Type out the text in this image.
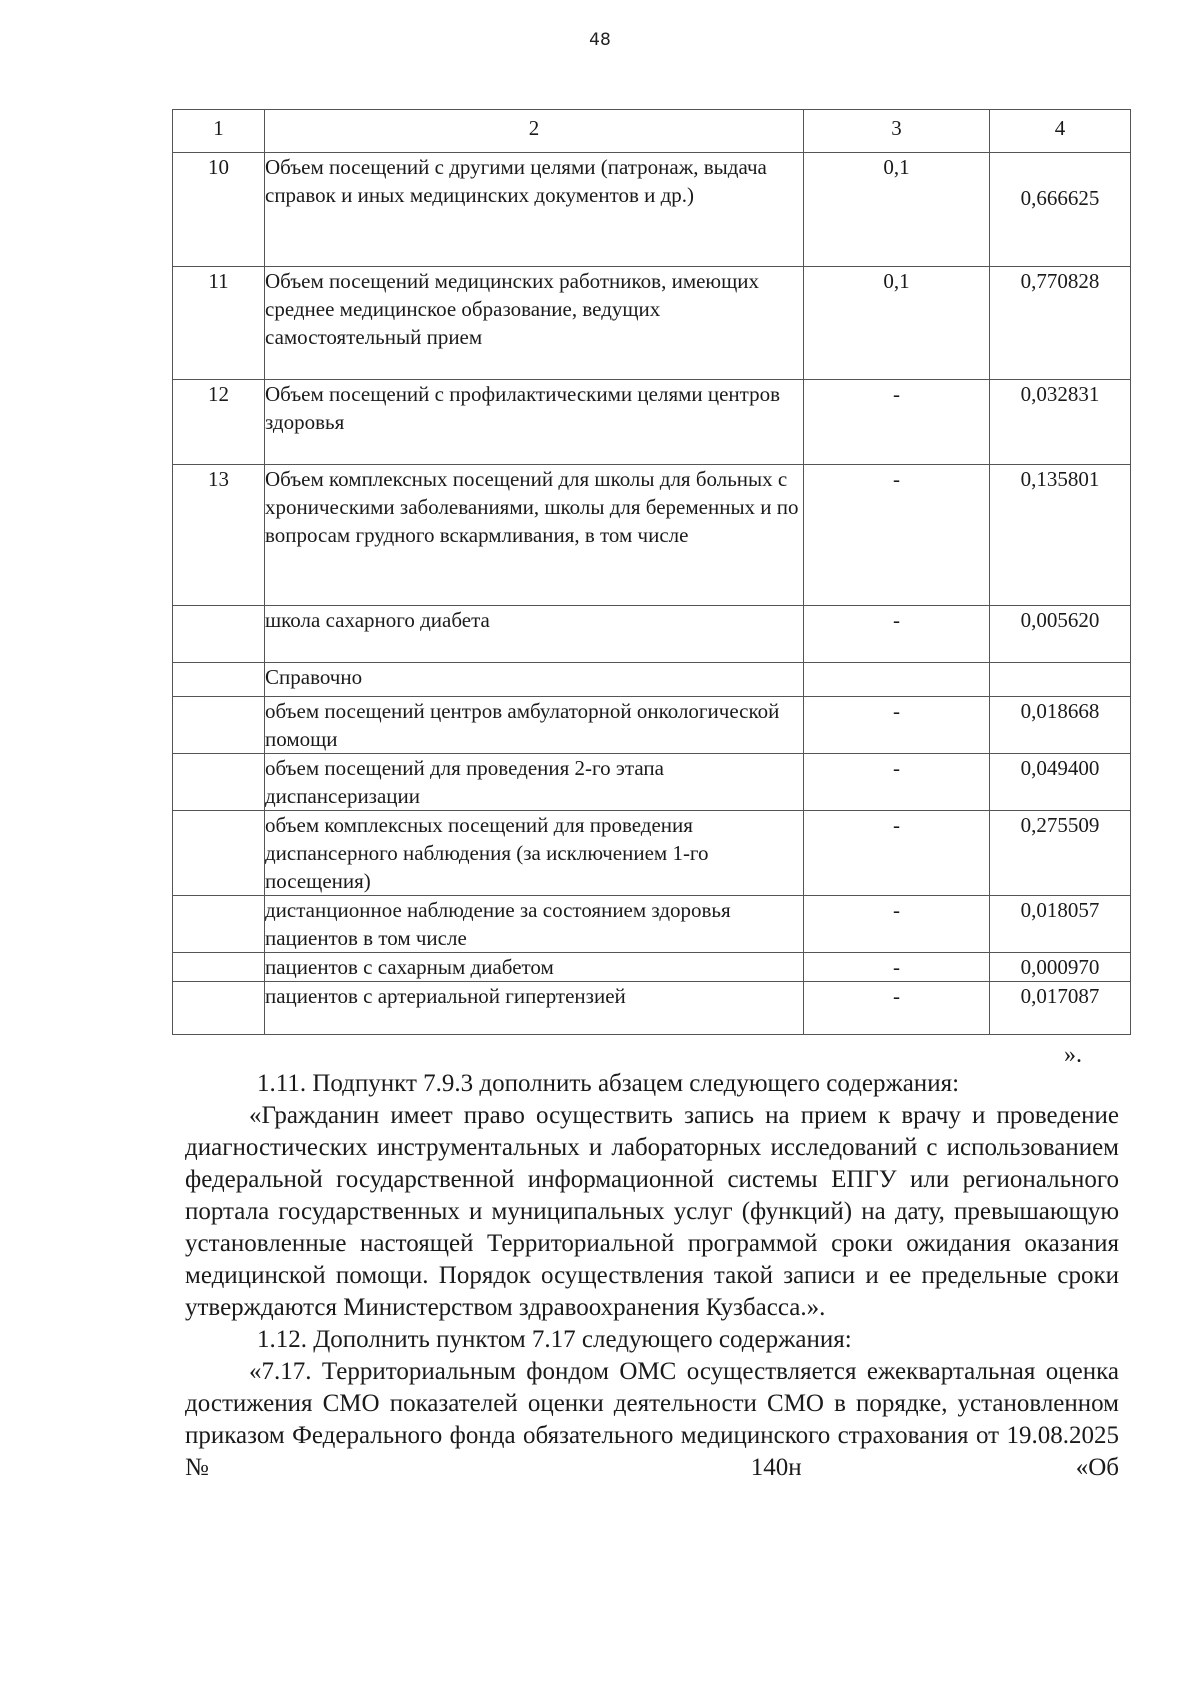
48
1	2	3	4
10	Объем посещений с другими целями (патронаж, выдача справок и иных медицинских документов и др.)	0,1	0,666625
11	Объем посещений медицинских работников, имеющих среднее медицинское образование, ведущих самостоятельный прием	0,1	0,770828
12	Объем посещений с профилактическими целями центров здоровья	-	0,032831
13	Объем комплексных посещений для школы для больных с хроническими заболеваниями, школы для беременных и по вопросам грудного вскармливания, в том числе	-	0,135801
	школа сахарного диабета	-	0,005620
	Справочно		
	объем посещений центров амбулаторной онкологической помощи	-	0,018668
	объем посещений для проведения 2-го этапа диспансеризации	-	0,049400
	объем комплексных посещений для проведения диспансерного наблюдения (за исключением 1-го посещения)	-	0,275509
	дистанционное наблюдение за состоянием здоровья пациентов в том числе	-	0,018057
	пациентов с сахарным диабетом	-	0,000970
	пациентов с артериальной гипертензией	-	0,017087
».

1.11. Подпункт 7.9.3 дополнить абзацем следующего содержания:

«Гражданин имеет право осуществить запись на прием к врачу и проведение диагностических инструментальных и лабораторных исследований с использованием федеральной государственной информационной системы ЕПГУ или регионального портала государственных и муниципальных услуг (функций) на дату, превышающую установленные настоящей Территориальной программой сроки ожидания оказания медицинской помощи. Порядок осуществления такой записи и ее предельные сроки утверждаются Министерством здравоохранения Кузбасса.».

1.12. Дополнить пунктом 7.17 следующего содержания:

«7.17. Территориальным фондом ОМС осуществляется ежеквартальная оценка достижения СМО показателей оценки деятельности СМО в порядке, установленном приказом Федерального фонда обязательного медицинского страхования от 19.08.2025 № 140н «Об
